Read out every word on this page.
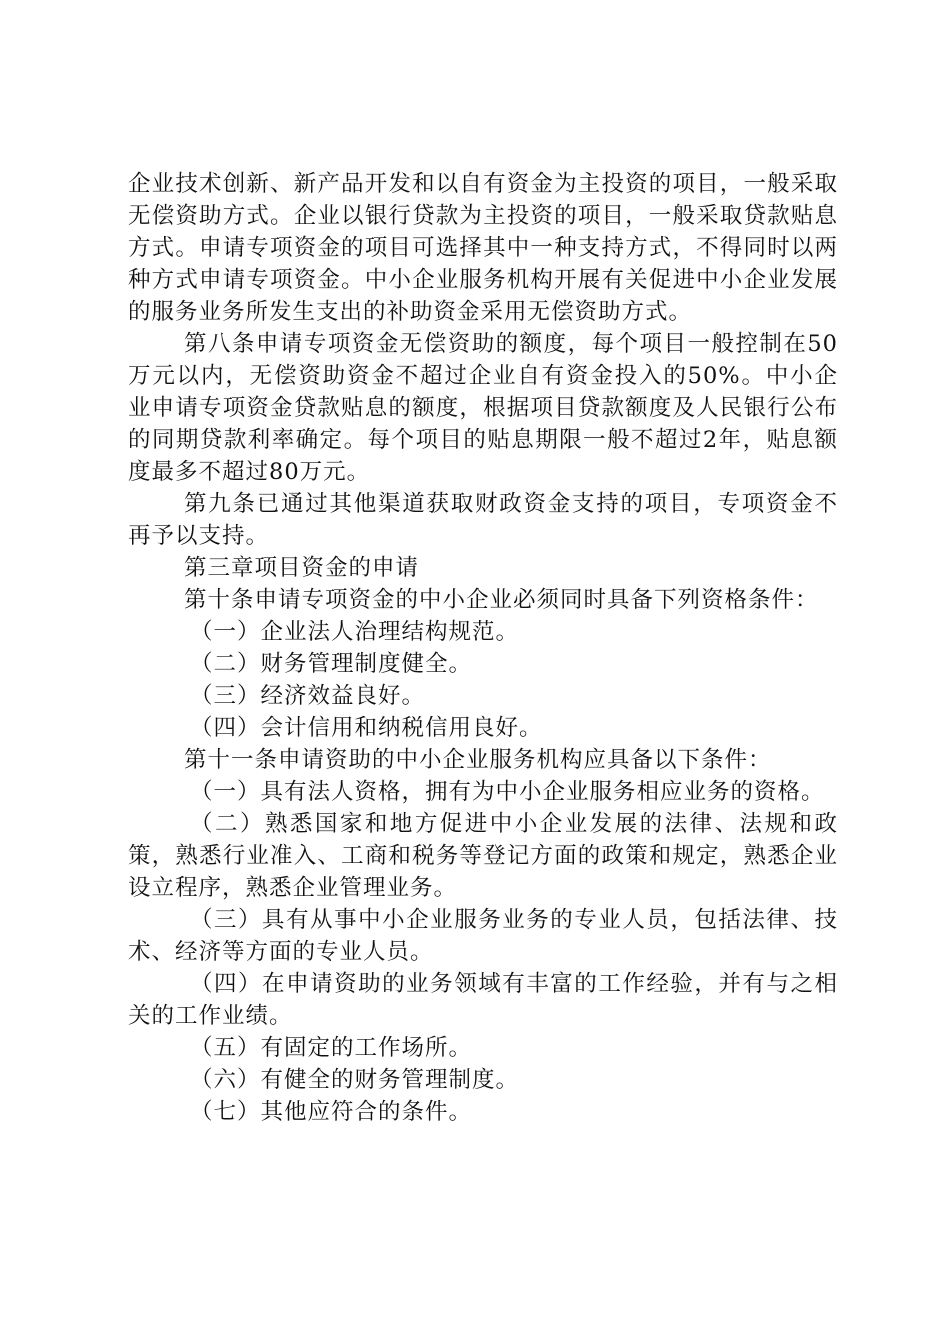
企业技术创新、新产品开发和以自有资金为主投资的项目，一般采取无偿资助方式。企业以银行贷款为主投资的项目，一般采取贷款贴息方式。申请专项资金的项目可选择其中一种支持方式，不得同时以两种方式申请专项资金。中小企业服务机构开展有关促进中小企业发展的服务业务所发生支出的补助资金采用无偿资助方式。

第八条申请专项资金无偿资助的额度，每个项目一般控制在50万元以内，无偿资助资金不超过企业自有资金投入的50%。中小企业申请专项资金贷款贴息的额度，根据项目贷款额度及人民银行公布的同期贷款利率确定。每个项目的贴息期限一般不超过2年，贴息额度最多不超过80万元。

第九条已通过其他渠道获取财政资金支持的项目，专项资金不再予以支持。

第三章项目资金的申请

第十条申请专项资金的中小企业必须同时具备下列资格条件：

（一）企业法人治理结构规范。

（二）财务管理制度健全。

（三）经济效益良好。

（四）会计信用和纳税信用良好。

第十一条申请资助的中小企业服务机构应具备以下条件：

（一）具有法人资格，拥有为中小企业服务相应业务的资格。

（二）熟悉国家和地方促进中小企业发展的法律、法规和政策，熟悉行业准入、工商和税务等登记方面的政策和规定，熟悉企业设立程序，熟悉企业管理业务。

（三）具有从事中小企业服务业务的专业人员，包括法律、技术、经济等方面的专业人员。

（四）在申请资助的业务领域有丰富的工作经验，并有与之相关的工作业绩。

（五）有固定的工作场所。

（六）有健全的财务管理制度。

（七）其他应符合的条件。
